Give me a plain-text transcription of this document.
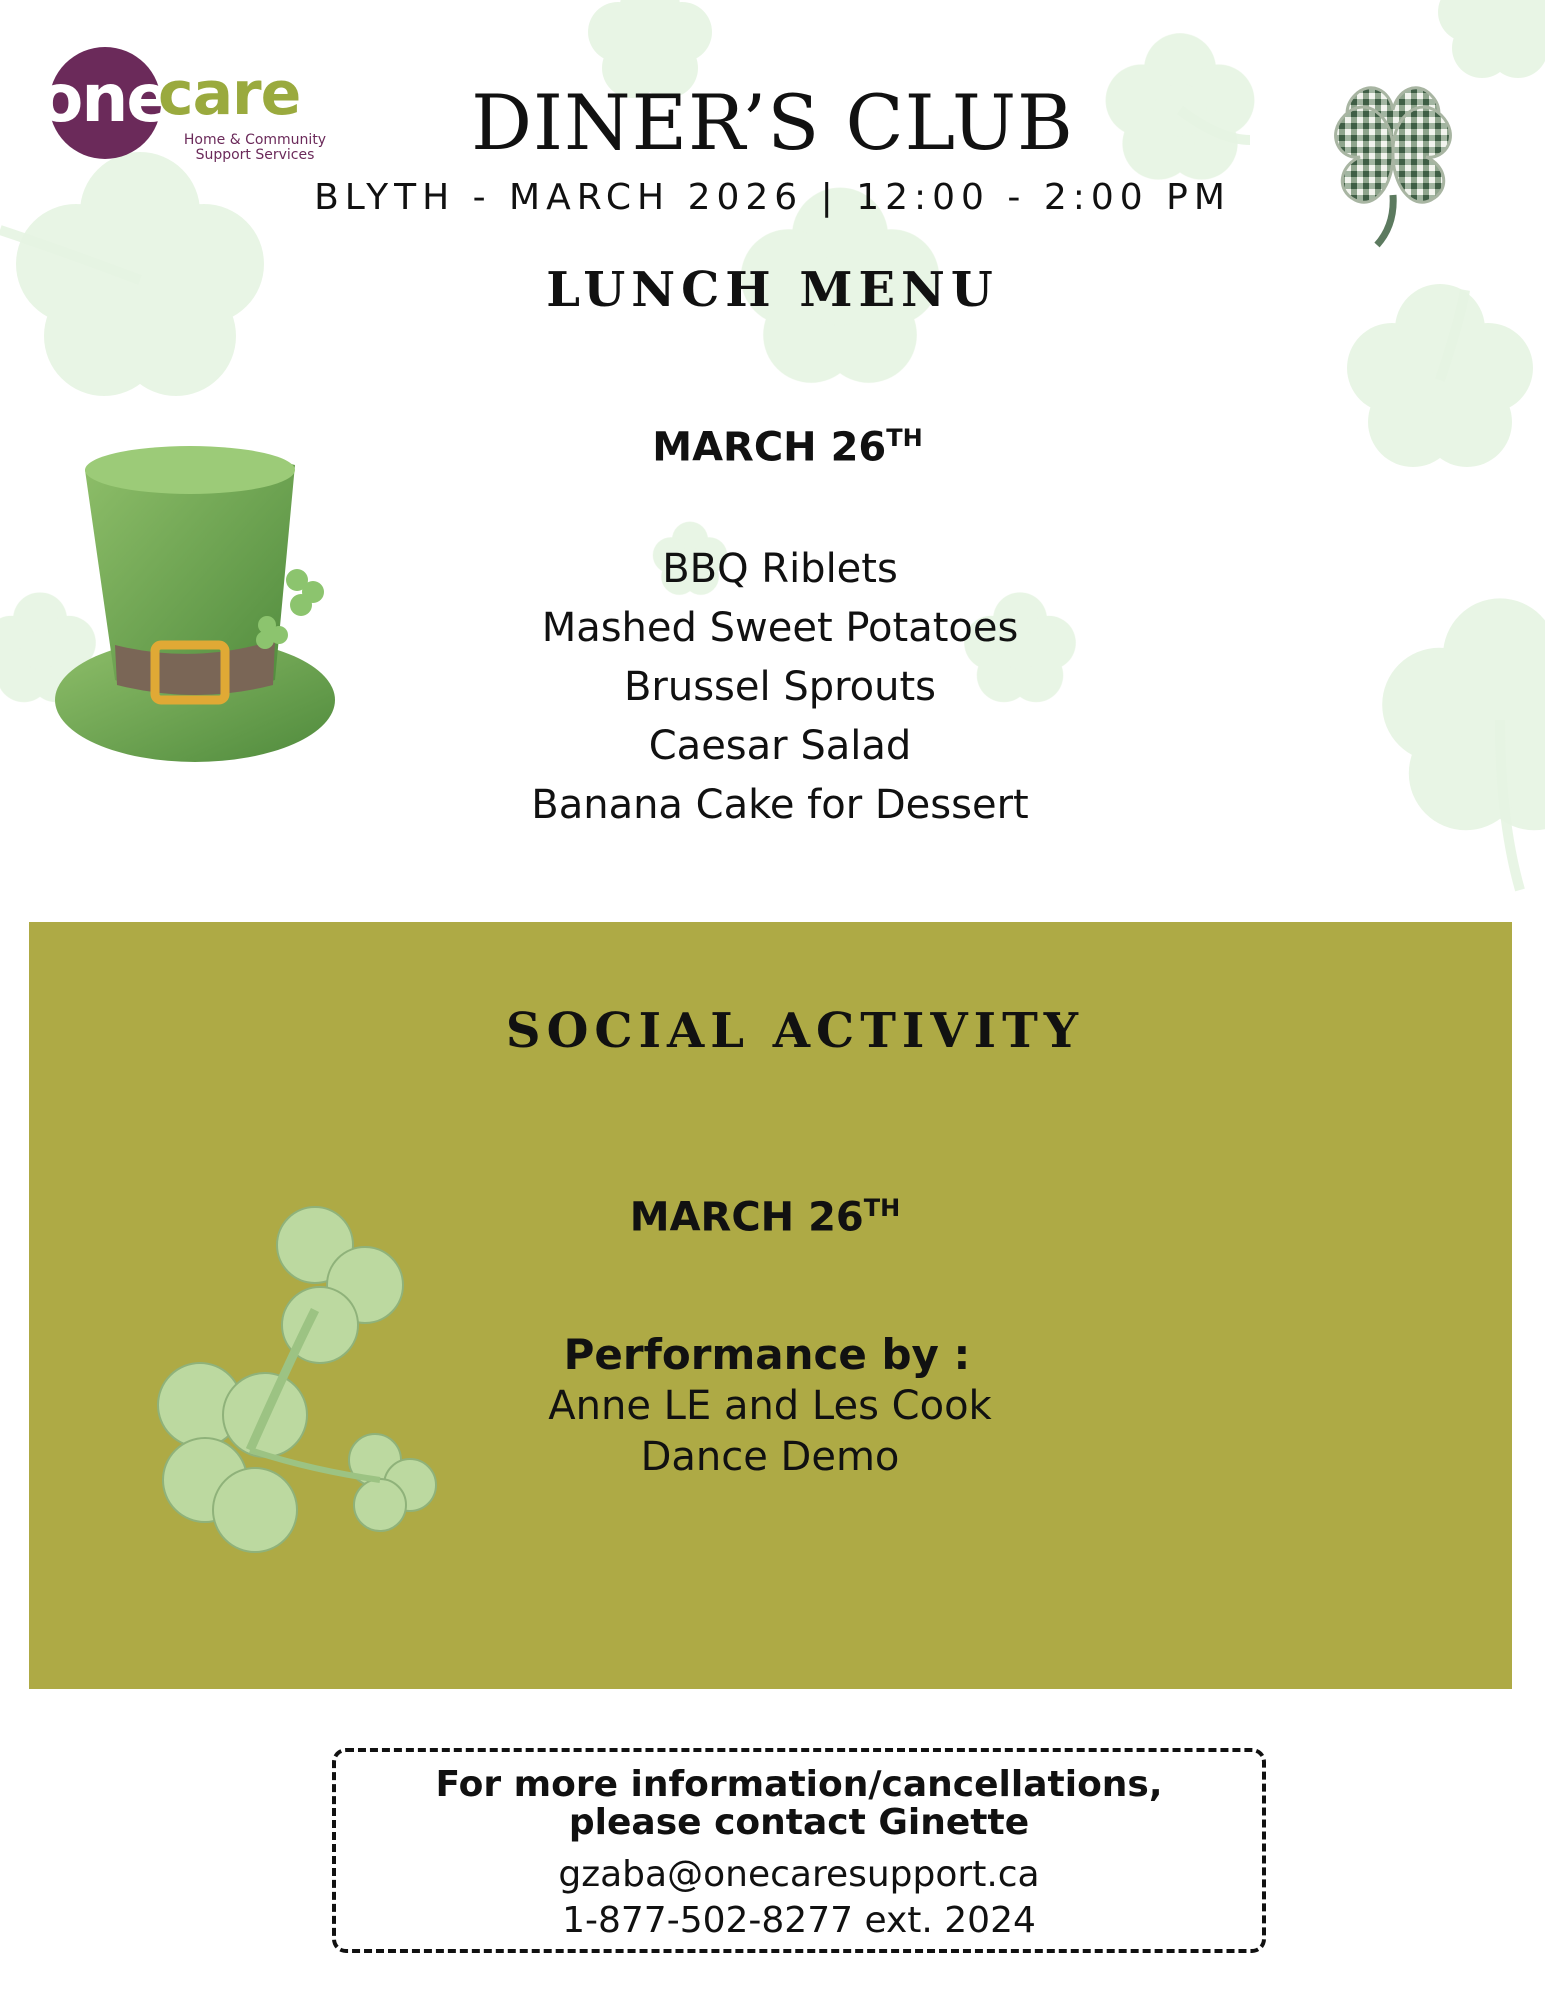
one
care
Home & Community
Support Services	DINER’S CLUB
BLYTH - MARCH 2026 | 12:00 - 2:00 PM
LUNCH MENU
MARCH 26TH
BBQ Riblets
Mashed Sweet Potatoes
Brussel Sprouts
Caesar Salad
Banana Cake for Dessert
SOCIAL ACTIVITY
MARCH 26TH
Performance by :
Anne LE and Les Cook
Dance Demo
For more information/cancellations,
please contact Ginette
gzaba@onecaresupport.ca
1-877-502-8277 ext. 2024
